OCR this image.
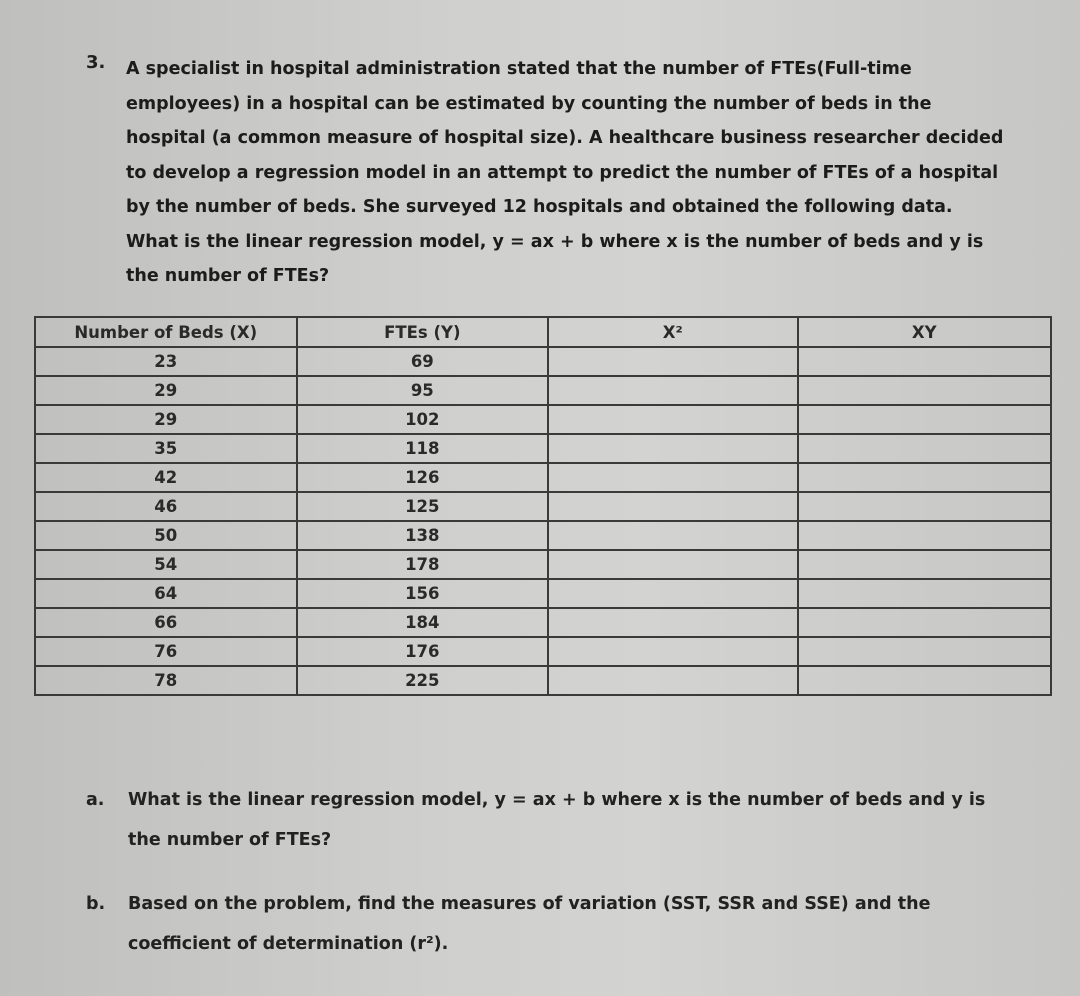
3. A specialist in hospital administration stated that the number of FTEs(Full-time
employees) in a hospital can be estimated by counting the number of beds in the
hospital (a common measure of hospital size). A healthcare business researcher decided
to develop a regression model in an attempt to predict the number of FTEs of a hospital
by the number of beds. She surveyed 12 hospitals and obtained the following data.
What is the linear regression model, y = ax + b where x is the number of beds and y is
the number of FTEs?
Number of Beds (X)	FTEs (Y)	X²	XY
23	69		
29	95		
29	102		
35	118		
42	126		
46	125		
50	138		
54	178		
64	156		
66	184		
76	176		
78	225		
a. What is the linear regression model, y = ax + b where x is the number of beds and y is
the number of FTEs?
b. Based on the problem, find the measures of variation (SST, SSR and SSE) and the
coefficient of determination (r²).
